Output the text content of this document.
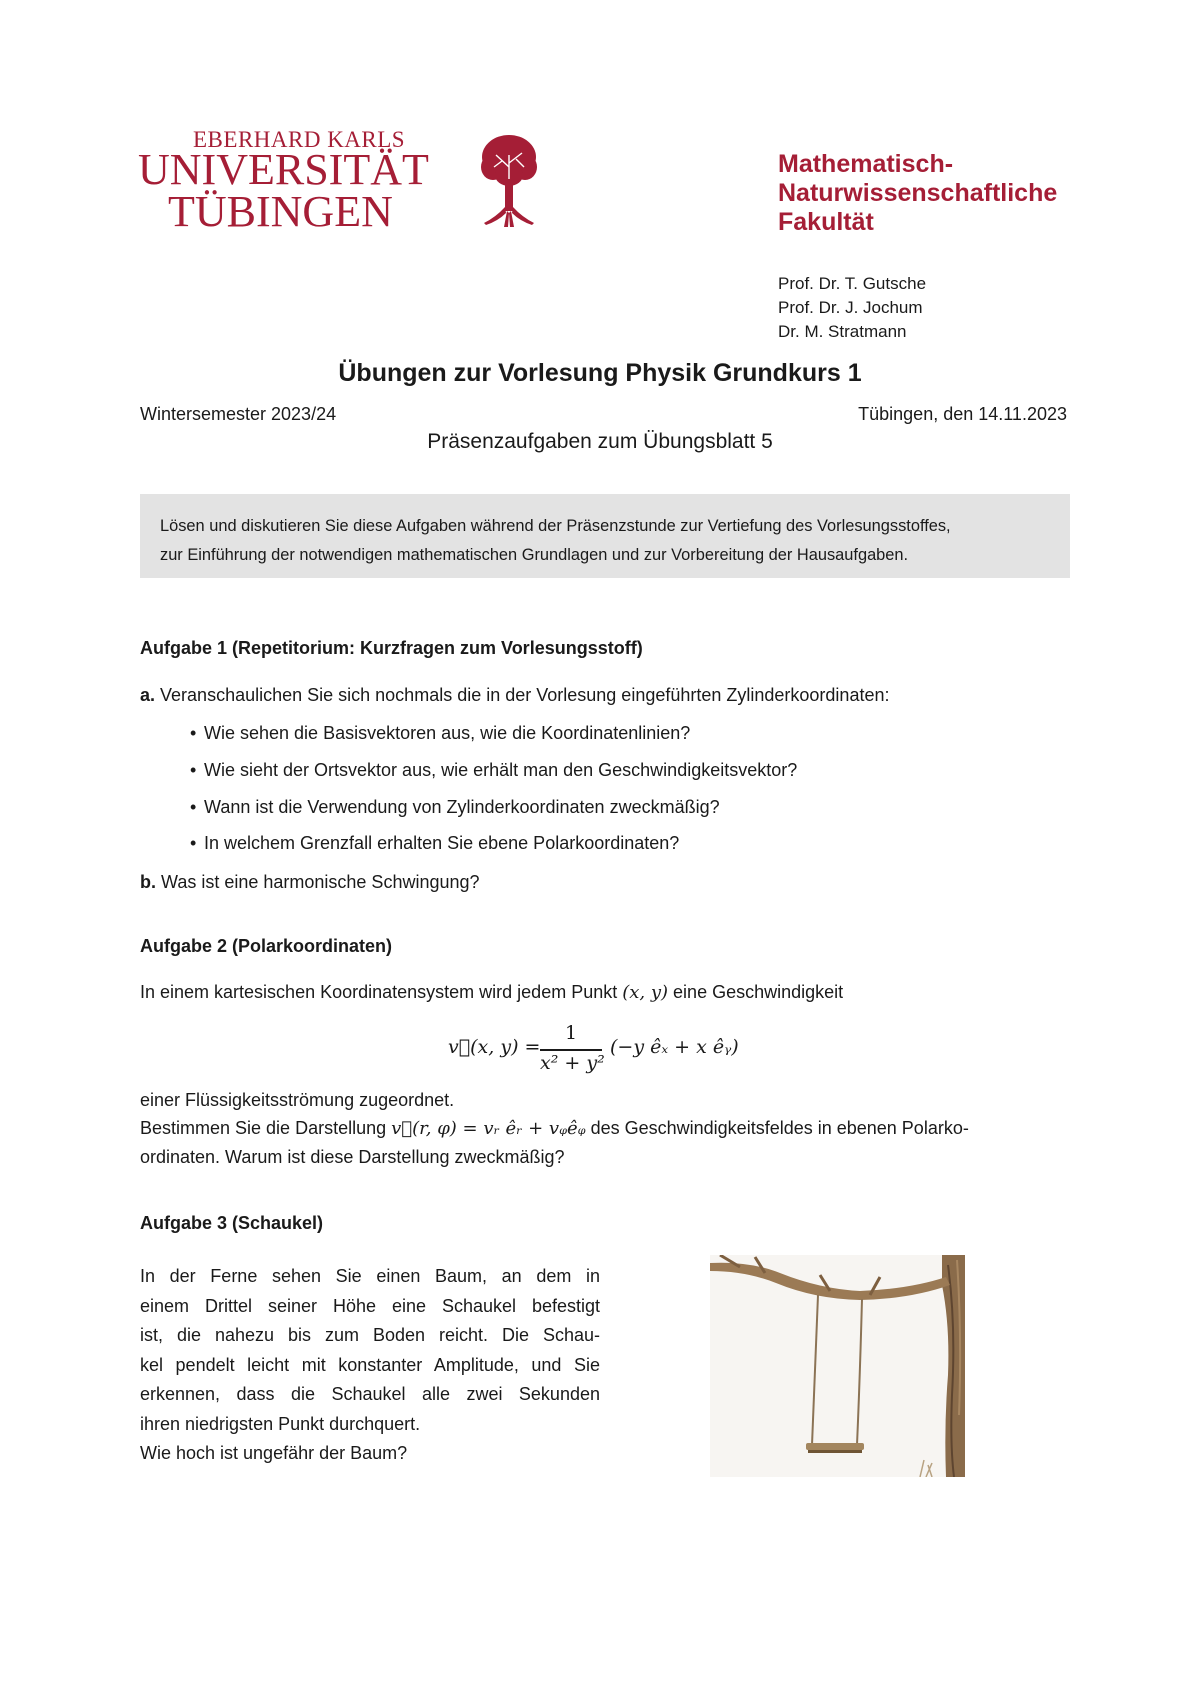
EBERHARD KARLS
UNIVERSITÄT
TÜBINGEN
Mathematisch-
Naturwissenschaftliche
Fakultät
Prof. Dr. T. Gutsche
Prof. Dr. J. Jochum
Dr. M. Stratmann
Übungen zur Vorlesung Physik Grundkurs 1
Wintersemester 2023/24	Tübingen, den 14.11.2023
Präsenzaufgaben zum Übungsblatt 5
Lösen und diskutieren Sie diese Aufgaben während der Präsenzstunde zur Vertiefung des Vorlesungsstoffes,
zur Einführung der notwendigen mathematischen Grundlagen und zur Vorbereitung der Hausaufgaben.
Aufgabe 1 (Repetitorium: Kurzfragen zum Vorlesungsstoff)
a. Veranschaulichen Sie sich nochmals die in der Vorlesung eingeführten Zylinderkoordinaten:
• Wie sehen die Basisvektoren aus, wie die Koordinatenlinien?
• Wie sieht der Ortsvektor aus, wie erhält man den Geschwindigkeitsvektor?
• Wann ist die Verwendung von Zylinderkoordinaten zweckmäßig?
• In welchem Grenzfall erhalten Sie ebene Polarkoordinaten?
b. Was ist eine harmonische Schwingung?
Aufgabe 2 (Polarkoordinaten)
In einem kartesischen Koordinatensystem wird jedem Punkt (x, y) eine Geschwindigkeit
v⃗(x, y) =
1
x² + y²
(−y êₓ + x êᵧ)
einer Flüssigkeitsströmung zugeordnet.
Bestimmen Sie die Darstellung v⃗(r, φ) = vᵣ êᵣ + vᵩêᵩ des Geschwindigkeitsfeldes in ebenen Polarko-
ordinaten. Warum ist diese Darstellung zweckmäßig?
Aufgabe 3 (Schaukel)
In der Ferne sehen Sie einen Baum, an dem in
einem Drittel seiner Höhe eine Schaukel befestigt
ist, die nahezu bis zum Boden reicht. Die Schau-
kel pendelt leicht mit konstanter Amplitude, und Sie
erkennen, dass die Schaukel alle zwei Sekunden
ihren niedrigsten Punkt durchquert.
Wie hoch ist ungefähr der Baum?
